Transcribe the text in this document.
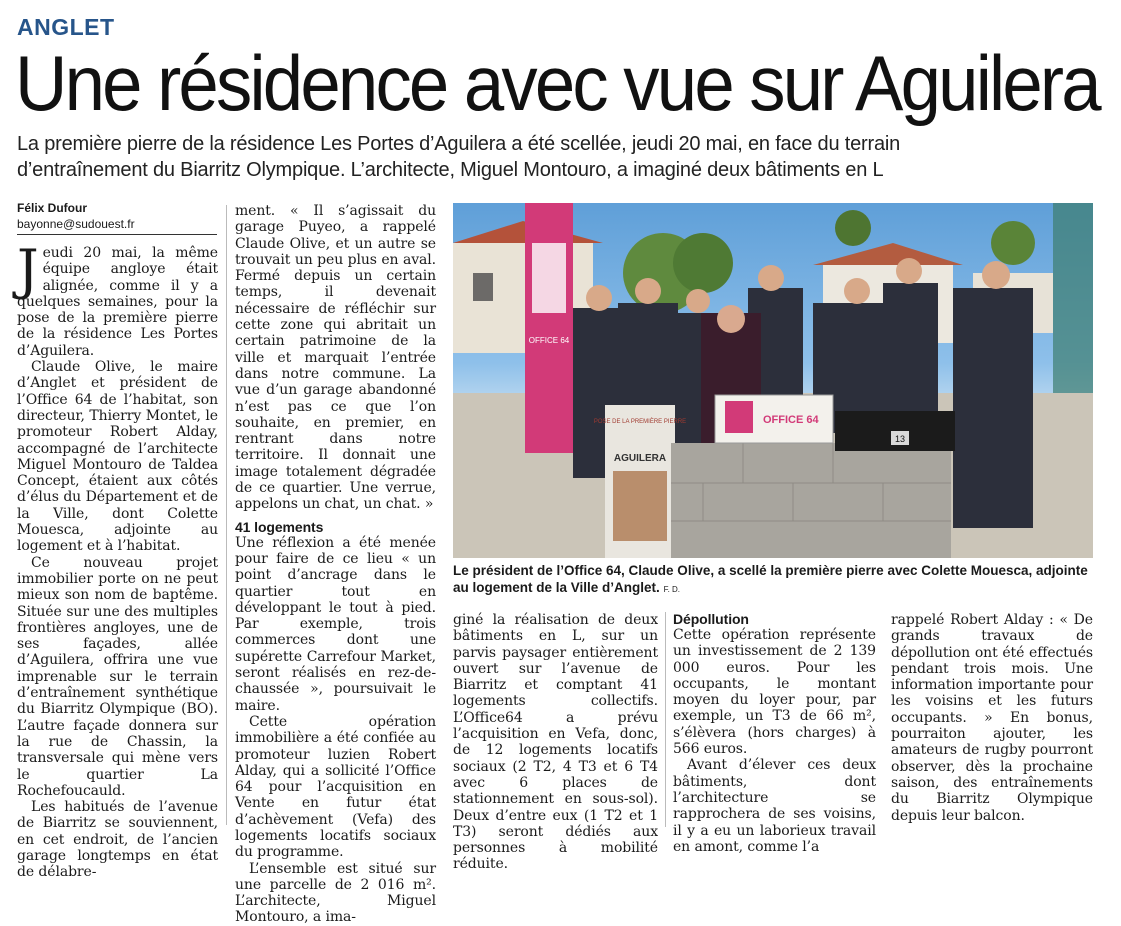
ANGLET
Une résidence avec vue sur Aguilera
La première pierre de la résidence Les Portes d’Aguilera a été scellée, jeudi 20 mai, en face du terrain
d’entraînement du Biarritz Olympique. L’architecte, Miguel Montouro, a imaginé deux bâtiments en L
Félix Dufour
bayonne@sudouest.fr

Jeudi 20 mai, la même équipe angloye était alignée, comme il y a quelques semaines, pour la pose de la première pierre de la résidence Les Portes d’Aguilera.

Claude Olive, le maire d’Anglet et président de l’Office 64 de l’habitat, son directeur, Thierry Montet, le promoteur Robert Alday, accompagné de l’architecte Miguel Montouro de Taldea Concept, étaient aux côtés d’élus du Département et de la Ville, dont Colette Mouesca, adjointe au logement et à l’habitat.

Ce nouveau projet immobilier porte on ne peut mieux son nom de baptême. Située sur une des multiples frontières angloyes, une de ses façades, allée d’Aguilera, offrira une vue imprenable sur le terrain d’entraînement synthétique du Biarritz Olympique (BO). L’autre façade donnera sur la rue de Chassin, la transversale qui mène vers le quartier La Rochefoucauld.

Les habitués de l’avenue de Biarritz se souviennent, en cet endroit, de l’ancien garage longtemps en état de délabre-

ment. « Il s’agissait du garage Puyeo, a rappelé Claude Olive, et un autre se trouvait un peu plus en aval. Fermé depuis un certain temps, il devenait nécessaire de réfléchir sur cette zone qui abritait un certain patrimoine de la ville et marquait l’entrée dans notre commune. La vue d’un garage abandonné n’est pas ce que l’on souhaite, en premier, en rentrant dans notre territoire. Il donnait une image totalement dégradée de ce quartier. Une verrue, appelons un chat, un chat. »

41 logements

Une réflexion a été menée pour faire de ce lieu « un point d’ancrage dans le quartier tout en développant le tout à pied. Par exemple, trois commerces dont une supérette Carrefour Market, seront réalisés en rez-de-chaussée », poursuivait le maire.

Cette opération immobilière a été confiée au promoteur luzien Robert Alday, qui a sollicité l’Office 64 pour l’acquisition en Vente en futur état d’achèvement (Vefa) des logements locatifs sociaux du programme.

L’ensemble est situé sur une parcelle de 2 016 m². L’architecte, Miguel Montouro, a ima-

OFFICE 64
POSE DE LA PREMIÈRE PIERRE
AGUILERA
OFFICE 64
13
Le président de l’Office 64, Claude Olive, a scellé la première pierre avec Colette Mouesca, adjointe au logement de la Ville d’Anglet. F. D.

giné la réalisation de deux bâtiments en L, sur un parvis paysager entièrement ouvert sur l’avenue de Biarritz et comptant 41 logements collectifs. L’Office64 a prévu l’acquisition en Vefa, donc, de 12 logements locatifs sociaux (2 T2, 4 T3 et 6 T4 avec 6 places de stationnement en sous-sol). Deux d’entre eux (1 T2 et 1 T3) seront dédiés aux personnes à mobilité réduite.

Dépollution

Cette opération représente un investissement de 2 139 000 euros. Pour les occupants, le montant moyen du loyer pour, par exemple, un T3 de 66 m², s’élèvera (hors charges) à 566 euros.

Avant d’élever ces deux bâtiments, dont l’architecture se rapprochera de ses voisins, il y a eu un laborieux travail en amont, comme l’a

rappelé Robert Alday : « De grands travaux de dépollution ont été effectués pendant trois mois. Une information importante pour les voisins et les futurs occupants. » En bonus, pourraiton ajouter, les amateurs de rugby pourront observer, dès la prochaine saison, des entraînements du Biarritz Olympique depuis leur balcon.
